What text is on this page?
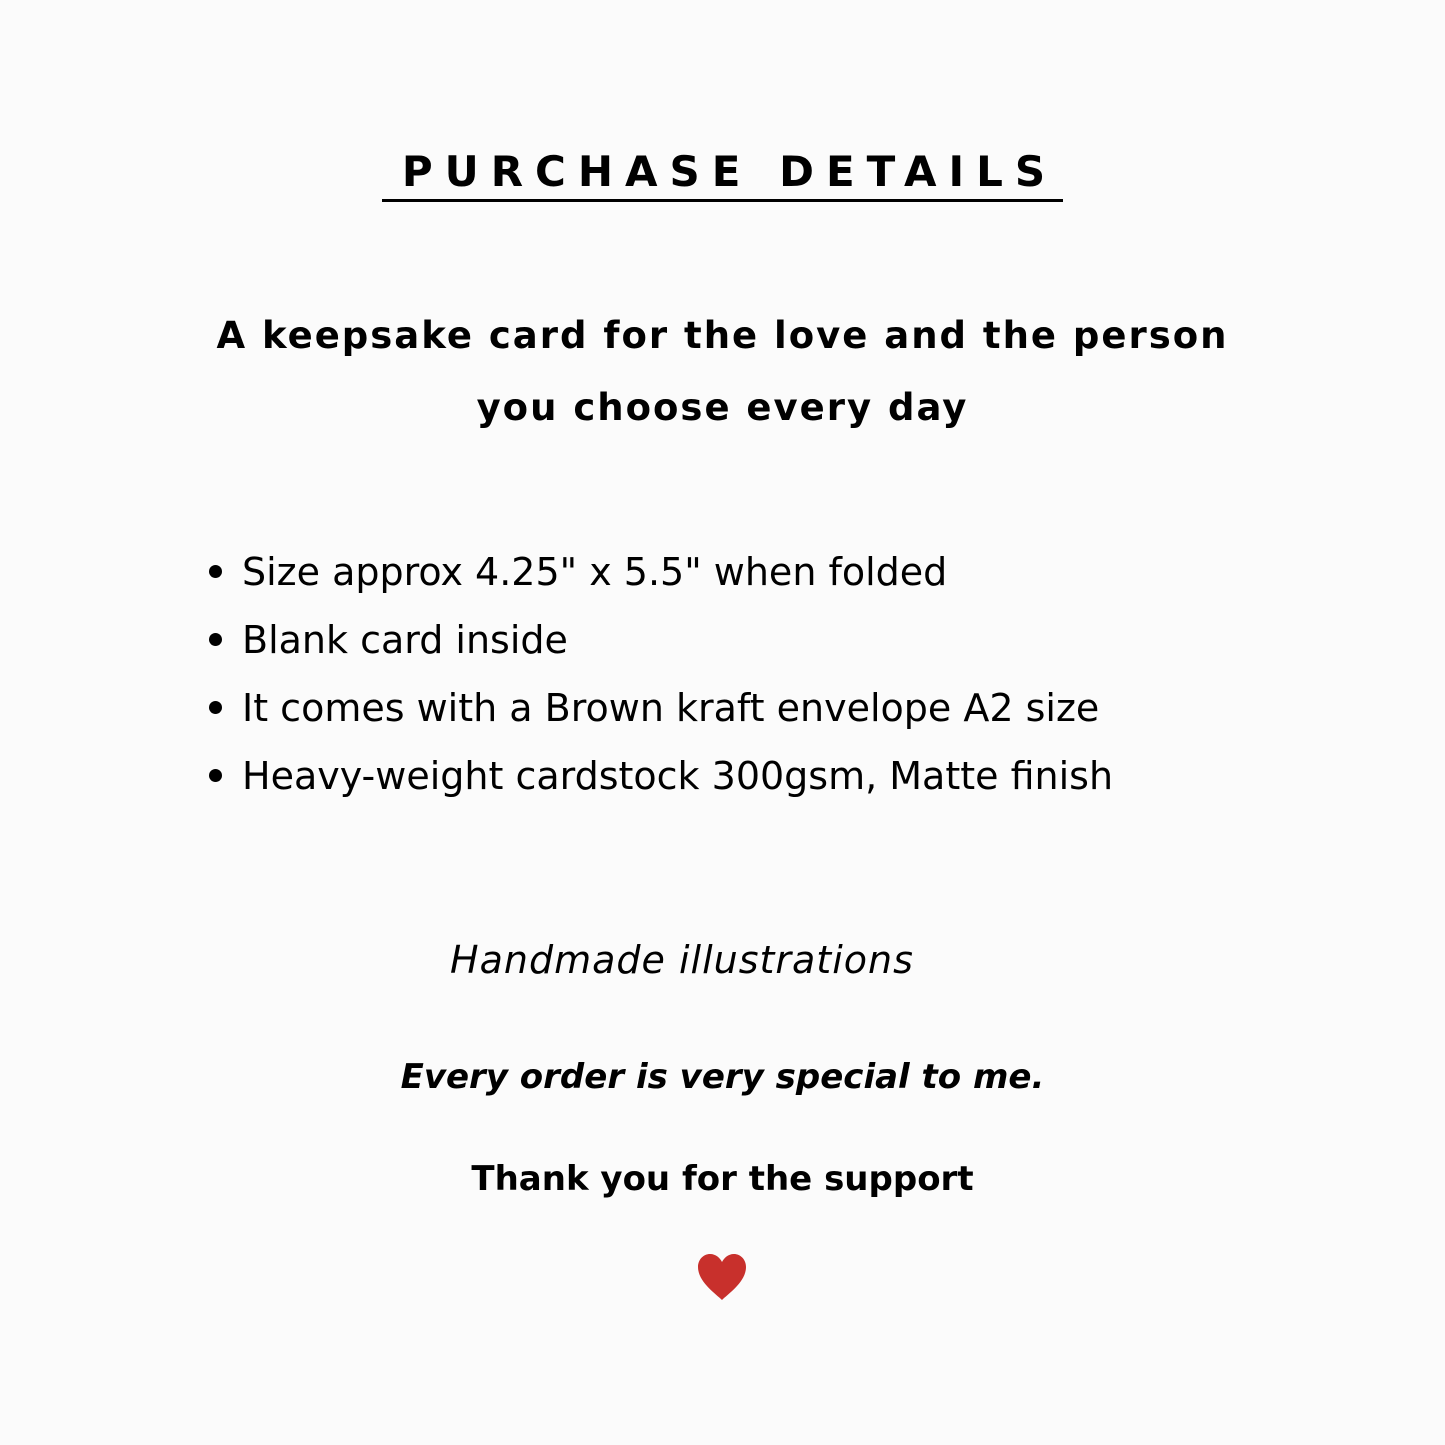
PURCHASE DETAILS
A keepsake card for the love and the person
you choose every day
Size approx 4.25" x 5.5" when folded
Blank card inside
It comes with a Brown kraft envelope A2 size
Heavy-weight cardstock 300gsm, Matte finish
Handmade illustrations
Every order is very special to me.
Thank you for the support
